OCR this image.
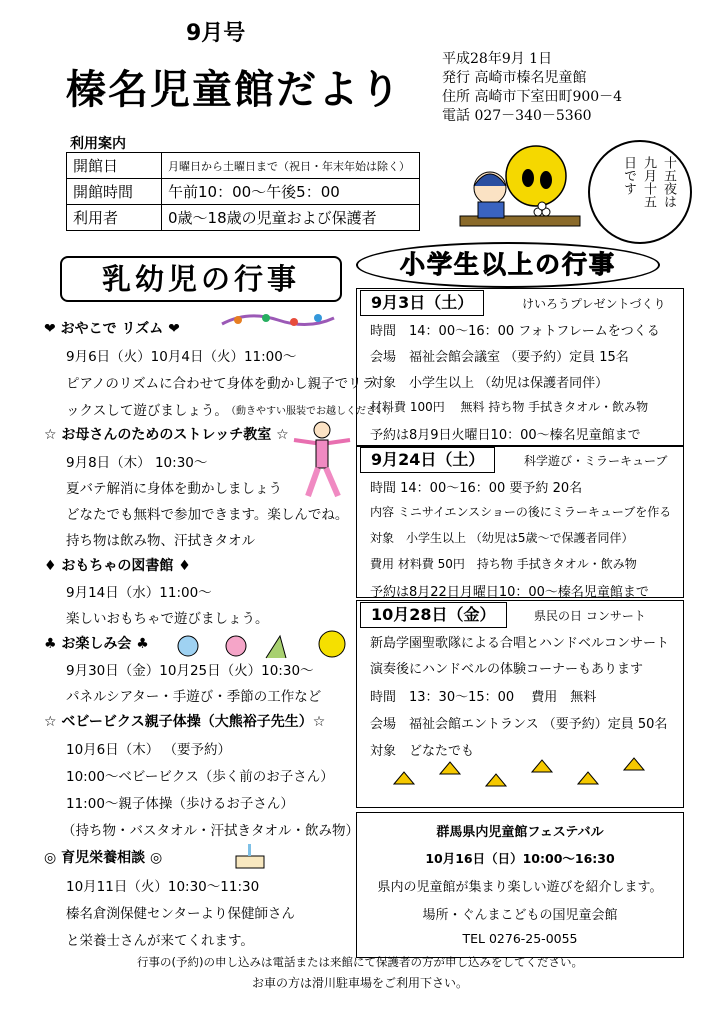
9月号
榛名児童館だより
平成28年9月 1日
発行 高崎市榛名児童館
住所 高崎市下室田町900－4
電話 027－340－5360
利用案内
開館日	月曜日から土曜日まで（祝日・年末年始は除く）
開館時間	午前10：00～午後5：00
利用者	0歳～18歳の児童および保護者
十五夜は
九月十五
日です
乳幼児の行事	小学生以上の行事
❤ おやこで リズム ❤
9月6日（火）10月4日（火）11:00～
ピアノのリズムに合わせて身体を動かし親子でリラ
ックスして遊びましょう。
（動きやすい服装でお越しください）
☆ お母さんのためのストレッチ教室 ☆
9月8日（木） 10:30～
夏バテ解消に身体を動かしましょう
どなたでも無料で参加できます。楽しんでね。
持ち物は飲み物、汗拭きタオル
♦ おもちゃの図書館 ♦
9月14日（水）11:00～
楽しいおもちゃで遊びましょう。
♣ お楽しみ会 ♣
9月30日（金）10月25日（火）10:30～
パネルシアター・手遊び・季節の工作など
☆ ベビービクス親子体操（大熊裕子先生）☆
10月6日（木） （要予約）
10:00～ベビービクス（歩く前のお子さん）
11:00～親子体操（歩けるお子さん）
（持ち物・バスタオル・汗拭きタオル・飲み物）
◎ 育児栄養相談 ◎
10月11日（火）10:30～11:30
榛名倉渕保健センターより保健師さん
と栄養士さんが来てくれます。
9月3日（土）	けいろうプレゼントづくり
時間　14：00～16：00 フォトフレームをつくる
会場　福祉会館会議室 （要予約）定員 15名
対象　小学生以上 （幼児は保護者同伴）
材料費 100円　 無料 持ち物 手拭きタオル・飲み物
予約は8月9日火曜日10：00～榛名児童館まで
9月24日（土）	科学遊び・ミラーキューブ
時間 14：00～16：00 要予約 20名
内容 ミニサイエンスショーの後にミラーキューブを作る
対象　小学生以上 （幼児は5歳～で保護者同伴）
費用 材料費 50円　持ち物 手拭きタオル・飲み物
予約は8月22日月曜日10：00～榛名児童館まで
10月28日（金）	県民の日 コンサート
新島学園聖歌隊による合唱とハンドベルコンサート
演奏後にハンドベルの体験コーナーもあります
時間　13：30～15：00　 費用　無料
会場　福祉会館エントランス （要予約）定員 50名
対象　どなたでも
群馬県内児童館フェステバル
10月16日（日）10:00～16:30
県内の児童館が集まり楽しい遊びを紹介します。
場所・ぐんまこどもの国児童会館
TEL 0276-25-0055
行事の(予約)の申し込みは電話または来館にて保護者の方が申し込みをしてください。
お車の方は滑川駐車場をご利用下さい。
